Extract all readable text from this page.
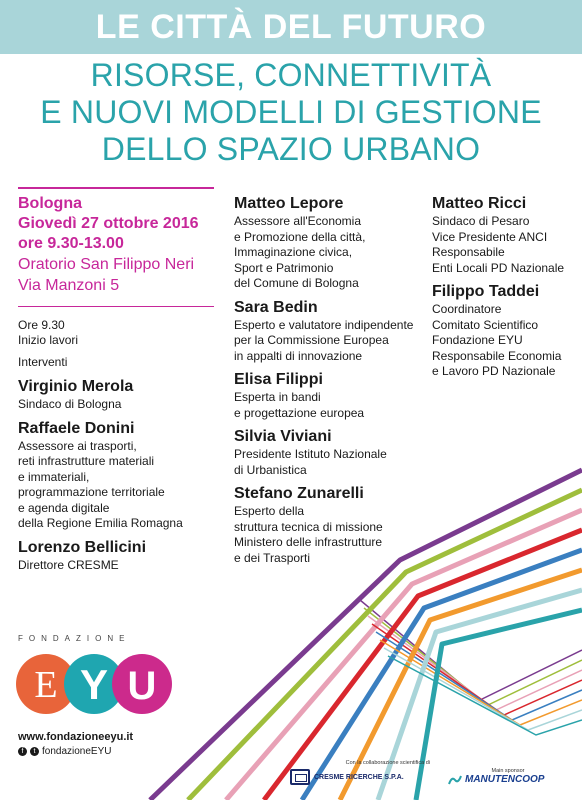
LE CITTÀ DEL FUTURO
RISORSE, CONNETTIVITÀ
E NUOVI MODELLI DI GESTIONE
DELLO SPAZIO URBANO
Bologna
Giovedì 27 ottobre 2016
ore 9.30-13.00
Oratorio San Filippo Neri
Via Manzoni 5
Ore 9.30
Inizio lavori
Interventi
Virginio Merola
Sindaco di Bologna
Raffaele Donini
Assessore ai trasporti,
reti infrastrutture materiali
e immateriali,
programmazione territoriale
e agenda digitale
della Regione Emilia Romagna
Lorenzo Bellicini
Direttore CRESME
Matteo Lepore
Assessore all'Economia
e Promozione della città,
Immaginazione civica,
Sport e Patrimonio
del Comune di Bologna
Sara Bedin
Esperto e valutatore indipendente
per la Commissione Europea
in appalti di innovazione
Elisa Filippi
Esperta in bandi
e progettazione europea
Silvia Viviani
Presidente Istituto Nazionale
di Urbanistica
Stefano Zunarelli
Esperto della
struttura tecnica di missione
Ministero delle infrastrutture
e dei Trasporti
Matteo Ricci
Sindaco di Pesaro
Vice Presidente ANCI
Responsabile
Enti Locali PD Nazionale
Filippo Taddei
Coordinatore
Comitato Scientifico
Fondazione EYU
Responsabile Economia
e Lavoro PD Nazionale
FONDAZIONE
E Y U
www.fondazioneeyu.it
f	t fondazioneEYU
Con la collaborazione scientifica di
CRESME RICERCHE S.P.A.
Main sponsor
MANUTENCOOP
